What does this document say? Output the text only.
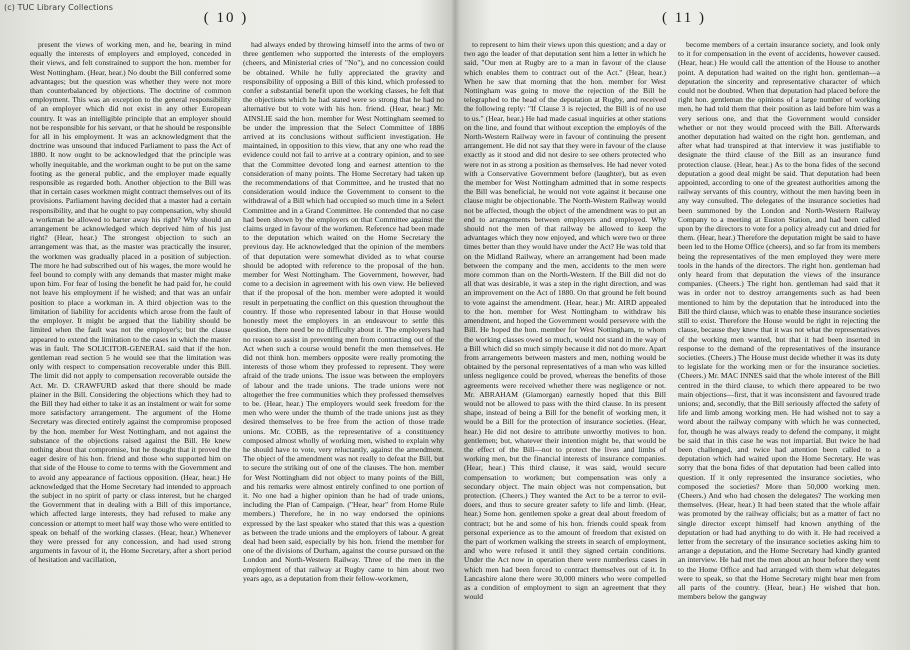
(c) TUC Library Collections
( 10 )

present the views of working men, and he, bearing in mind equally the interests of employers and employed, conceded in their views, and felt constrained to support the hon. member for West Nottingham. (Hear, hear.) No doubt the Bill conferred some advantages; but the question was whether they were not more than counterbalanced by objections. The doctrine of common employment. This was an exception to the general responsibility of an employer which did not exist in any other European country. It was an intelligible principle that an employer should not be responsible for his servant, or that he should be responsible for all in his employment. It was an acknowledgment that the doctrine was unsound that induced Parliament to pass the Act of 1880. It now ought to be acknowledged that the principle was wholly inequitable, and the workman ought to be put on the same footing as the general public, and the employer made equally responsible as regarded both. Another objection to the Bill was that in certain cases workmen might contract themselves out of its provisions. Parliament having decided that a master had a certain responsibility, and that he ought to pay compensation, why should a workman be allowed to barter away his right? Why should an arrangement be acknowledged which deprived him of his just right? (Hear, hear.) The strongest objection to such an arrangement was that, as the master was practically the insurer, the workmen was gradually placed in a position of subjection. The more he had subscribed out of his wages, the more would he feel bound to comply with any demands that master might make upon him. For fear of losing the benefit he had paid for, he could not leave his employment if he wished; and that was an unfair position to place a workman in. A third objection was to the limitation of liability for accidents which arose from the fault of the employer. It might be argued that the liability should be limited when the fault was not the employer's; but the clause appeared to extend the limitation to the cases in which the master was in fault. The SOLICITOR-GENERAL said that if the hon. gentleman read section 5 he would see that the limitation was only with respect to compensation recoverable under this Bill. The limit did not apply to compensation recoverable outside the Act. Mr. D. CRAWFURD asked that there should be made plainer in the Bill. Considering the objections which they had to the Bill they had either to take it as an instalment or wait for some more satisfactory arrangement. The argument of the Home Secretary was directed entirely against the compromise proposed by the hon. member for West Nottingham, and not against the substance of the objections raised against the Bill. He knew nothing about that compromise, but he thought that it proved the eager desire of his hon. friend and those who supported him on that side of the House to come to terms with the Government and to avoid any appearance of factious opposition. (Hear, hear.) He acknowledged that the Home Secretary had intended to approach the subject in no spirit of party or class interest, but he charged the Government that in dealing with a Bill of this importance, which affected large interests, they had refused to make any concession or attempt to meet half way those who were entitled to speak on behalf of the working classes. (Hear, hear.) Whenever they were pressed for any concession, and had used strong arguments in favour of it, the Home Secretary, after a short period of hesitation and vacillation,

had always ended by throwing himself into the arms of two or three gentlemen who supported the interests of the employers (cheers, and Ministerial cries of "No"), and no concession could be obtained. While he fully appreciated the gravity and responsibility of opposing a Bill of this kind, which professed to confer a substantial benefit upon the working classes, he felt that the objections which he had stated were so strong that he had no alternative but to vote with his hon. friend. (Hear, hear.) Mr. AINSLIE said the hon. member for West Nottingham seemed to be under the impression that the Select Committee of 1886 arrived at its conclusions without sufficient investigation. He maintained, in opposition to this view, that any one who read the evidence could not fail to arrive at a contrary opinion, and to see that the Committee devoted long and earnest attention to the consideration of many points. The Home Secretary had taken up the recommendations of that Committee, and he trusted that no consideration would induce the Government to consent to the withdrawal of a Bill which had occupied so much time in a Select Committee and in a Grand Committee. He contended that no case had been shown by the employers on that Committee against the claims urged in favour of the workmen. Reference had been made to the deputation which waited on the Home Secretary the previous day. He acknowledged that the opinion of the members of that deputation were somewhat divided as to what course should be adopted with reference to the proposal of the hon. member for West Nottingham. The Government, however, had come to a decision in agreement with his own view. He believed that if the proposal of the hon. member were adopted it would result in perpetuating the conflict on this question throughout the country. If those who represented labour in that House would honestly meet the employers in an endeavour to settle this question, there need be no difficulty about it. The employers had no reason to assist in preventing men from contracting out of the Act when such a course would benefit the men themselves. He did not think hon. members opposite were really promoting the interests of those whom they professed to represent. They were afraid of the trade unions. The issue was between the employers of labour and the trade unions. The trade unions were not altogether the free communities which they professed themselves to be. (Hear, hear.) The employers would seek freedom for the men who were under the thumb of the trade unions just as they desired themselves to be free from the action of those trade unions. Mr. COBB, as the representative of a constituency composed almost wholly of working men, wished to explain why he should have to vote, very reluctantly, against the amendment. The object of the amendment was not really to defeat the Bill, but to secure the striking out of one of the clauses. The hon. member for West Nottingham did not object to many points of the Bill, and his remarks were almost entirely confined to one portion of it. No one had a higher opinion than he had of trade unions, including the Plan of Campaign. ("Hear, hear" from Home Rule members.) Therefore, he in no way endorsed the opinions expressed by the last speaker who stated that this was a question as between the trade unions and the employers of labour. A great deal had been said, especially by his hon. friend the member for one of the divisions of Durham, against the course pursued on the London and North-Western Railway. Three of the men in the employment of that railway at Rugby came to him about two years ago, as a deputation from their fellow-workmen,

( 11 )

to represent to him their views upon this question; and a day or two ago the leader of that deputation sent him a letter in which he said, "Our men at Rugby are to a man in favour of the clause which enables them to contract out of the Act." (Hear, hear.) When he saw that morning that the hon. member for West Nottingham was going to move the rejection of the Bill he telegraphed to the head of the deputation at Rugby, and received the following reply: "If Clause 3 is rejected, the Bill is of no use to us." (Hear, hear.) He had made casual inquiries at other stations on the line, and found that without exception the employés of the North-Western Railway were in favour of continuing the present arrangement. He did not say that they were in favour of the clause exactly as it stood and did not desire to see others protected who were not in as strong a position as themselves. He had never voted with a Conservative Government before (laughter), but as even the member for West Nottingham admitted that in some respects the Bill was beneficial, he would not vote against it because one clause might be objectionable. The North-Western Railway would not be affected, though the object of the amendment was to put an end to arrangements between employers and employed. Why should not the men of that railway be allowed to keep the advantages which they now enjoyed, and which were two or three times better than they would have under the Act? He was told that on the Midland Railway, where an arrangement had been made between the company and the men, accidents to the men were more common than on the North-Western. If the Bill did not do all that was desirable, it was a step in the right direction, and was an improvement on the Act of 1880. On that ground he felt bound to vote against the amendment. (Hear, hear.) Mr. AIRD appealed to the hon. member for West Nottingham to withdraw his amendment, and hoped the Government would persevere with the Bill. He hoped the hon. member for West Nottingham, to whom the working classes owed so much, would not stand in the way of a Bill which did so much simply because it did not do more. Apart from arrangements between masters and men, nothing would be obtained by the personal representatives of a man who was killed unless negligence could be proved, whereas the benefits of those agreements were received whether there was negligence or not. Mr. ABRAHAM (Glamorgan) earnestly hoped that this Bill would not be allowed to pass with the third clause. In its present shape, instead of being a Bill for the benefit of working men, it would be a Bill for the protection of insurance societies. (Hear, hear.) He did not desire to attribute unworthy motives to hon. gentlemen; but, whatever their intention might be, that would be the effect of the Bill—not to protect the lives and limbs of working men, but the financial interests of insurance companies. (Hear, hear.) This third clause, it was said, would secure compensation to workmen; but compensation was only a secondary object. The main object was not compensation, but protection. (Cheers.) They wanted the Act to be a terror to evil-doers, and thus to secure greater safety to life and limb. (Hear, hear.) Some hon. gentlemen spoke a great deal about freedom of contract; but he and some of his hon. friends could speak from personal experience as to the amount of freedom that existed on the part of workmen walking the streets in search of employment, and who were refused it until they signed certain conditions. Under the Act now in operation there were numberless cases in which men had been forced to contract themselves out of it. In Lancashire alone there were 30,000 miners who were compelled as a condition of employment to sign an agreement that they would

become members of a certain insurance society, and look only to it for compensation in the event of accidents, however caused. (Hear, hear.) He would call the attention of the House to another point. A deputation had waited on the right hon. gentleman—a deputation the sincerity and representative character of which could not be doubted. When that deputation had placed before the right hon. gentleman the opinions of a large number of working men, he had told them that their position as laid before him was a very serious one, and that the Government would consider whether or not they would proceed with the Bill. Afterwards another deputation had waited on the right hon. gentleman, and after what had transpired at that interview it was justifiable to designate the third clause of the Bill as an insurance fund protection clause. (Hear, hear.) As to the bona fides of the second deputation a good deal might be said. That deputation had been appointed, according to one of the greatest authorities among the railway servants of this country, without the men having been in any way consulted. The delegates of the insurance societies had been summoned by the London and North-Western Railway Company to a meeting at Euston Station, and had been called upon by the directors to vote for a policy already cut and dried for them. (Hear, hear.) Therefore the deputation might be said to have been led to the Home Office (cheers), and so far from its members being the representatives of the men employed they were mere tools in the hands of the directors. The right hon. gentleman had only heard from that deputation the views of the insurance companies. (Cheers.) The right hon. gentleman had said that it was in order not to destroy arrangements such as had been mentioned to him by the deputation that he introduced into the Bill the third clause, which was to enable these insurance societies still to exist. Therefore the House would be right in rejecting the clause, because they knew that it was not what the representatives of the working men wanted, but that it had been inserted in response to the demand of the representatives of the insurance societies. (Cheers.) The House must decide whether it was its duty to legislate for the working men or for the insurance societies. (Cheers.) Mr. MAC INNES said that the whole interest of the Bill centred in the third clause, to which there appeared to be two main objections—first, that it was inconsistent and favoured trade unions; and, secondly, that the Bill seriously affected the safety of life and limb among working men. He had wished not to say a word about the railway company with which he was connected, for, though he was always ready to defend the company, it might be said that in this case he was not impartial. But twice he had been challenged, and twice had attention been called to a deputation which had waited upon the Home Secretary. He was sorry that the bona fides of that deputation had been called into question. If it only represented the insurance societies, who composed the societies? More than 50,000 working men. (Cheers.) And who had chosen the delegates? The working men themselves. (Hear, hear.) It had been stated that the whole affair was promoted by the railway officials; but as a matter of fact no single director except himself had known anything of the deputation or had had anything to do with it. He had received a letter from the secretary of the insurance societies asking him to arrange a deputation, and the Home Secretary had kindly granted an interview. He had met the men about an hour before they went to the Home Office and had arranged with them what delegates were to speak, so that the Home Secretary might hear men from all parts of the country. (Hear, hear.) He wished that hon. members below the gangway
